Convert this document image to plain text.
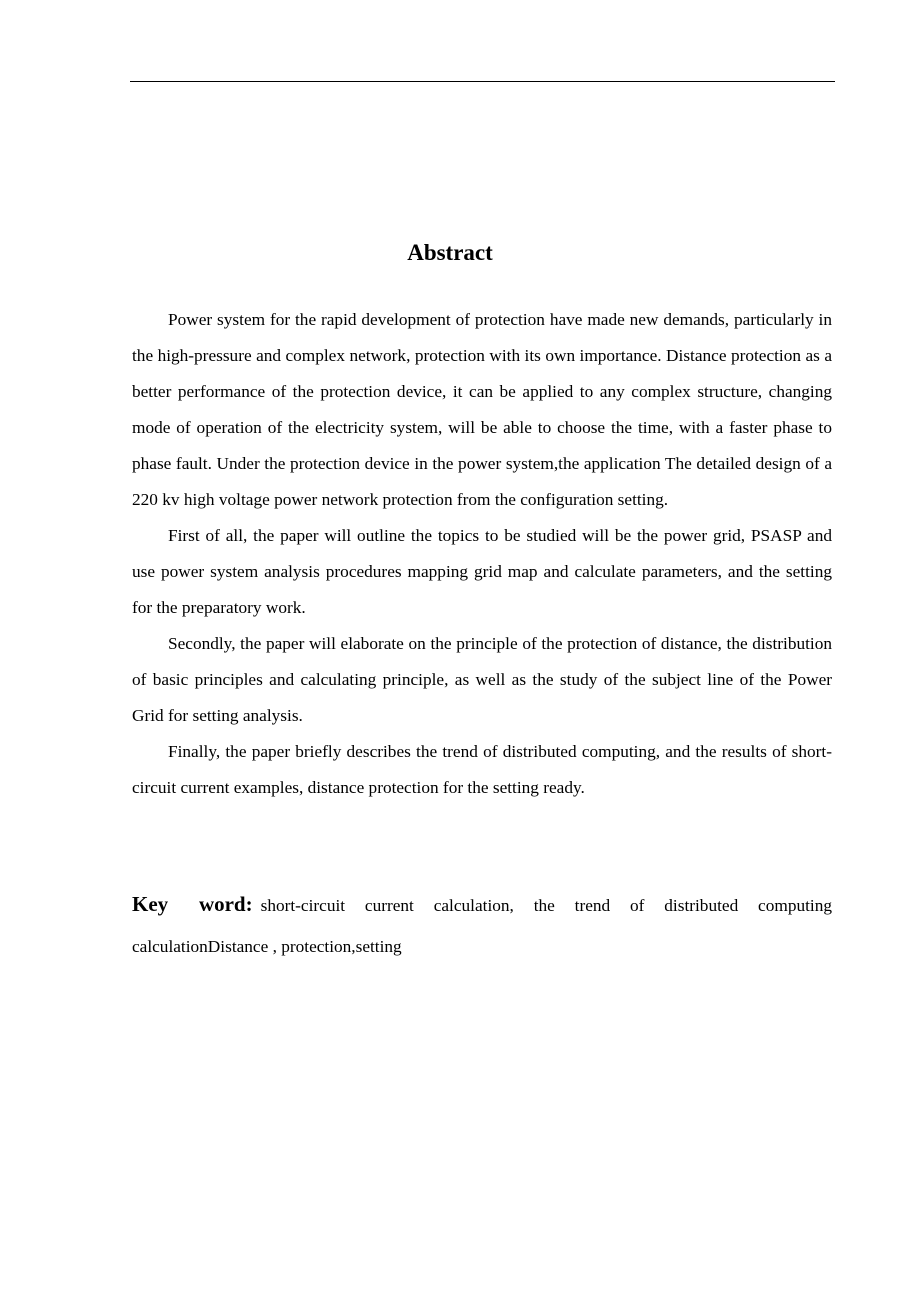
Abstract

Power system for the rapid development of protection have made new demands, particularly in the high-pressure and complex network, protection with its own importance. Distance protection as a better performance of the protection device, it can be applied to any complex structure, changing mode of operation of the electricity system, will be able to choose the time, with a faster phase to phase fault. Under the protection device in the power system,the application The detailed design of a 220 kv high voltage power network protection from the configuration setting.

First of all, the paper will outline the topics to be studied will be the power grid, PSASP and use power system analysis procedures mapping grid map and calculate parameters, and the setting for the preparatory work.

Secondly, the paper will elaborate on the principle of the protection of distance, the distribution of basic principles and calculating principle, as well as the study of the subject line of the Power Grid for setting analysis.

Finally, the paper briefly describes the trend of distributed computing, and the results of short-circuit current examples, distance protection for the setting ready.

Key word: short-circuit current calculation, the trend of distributed computing calculationDistance , protection,setting
